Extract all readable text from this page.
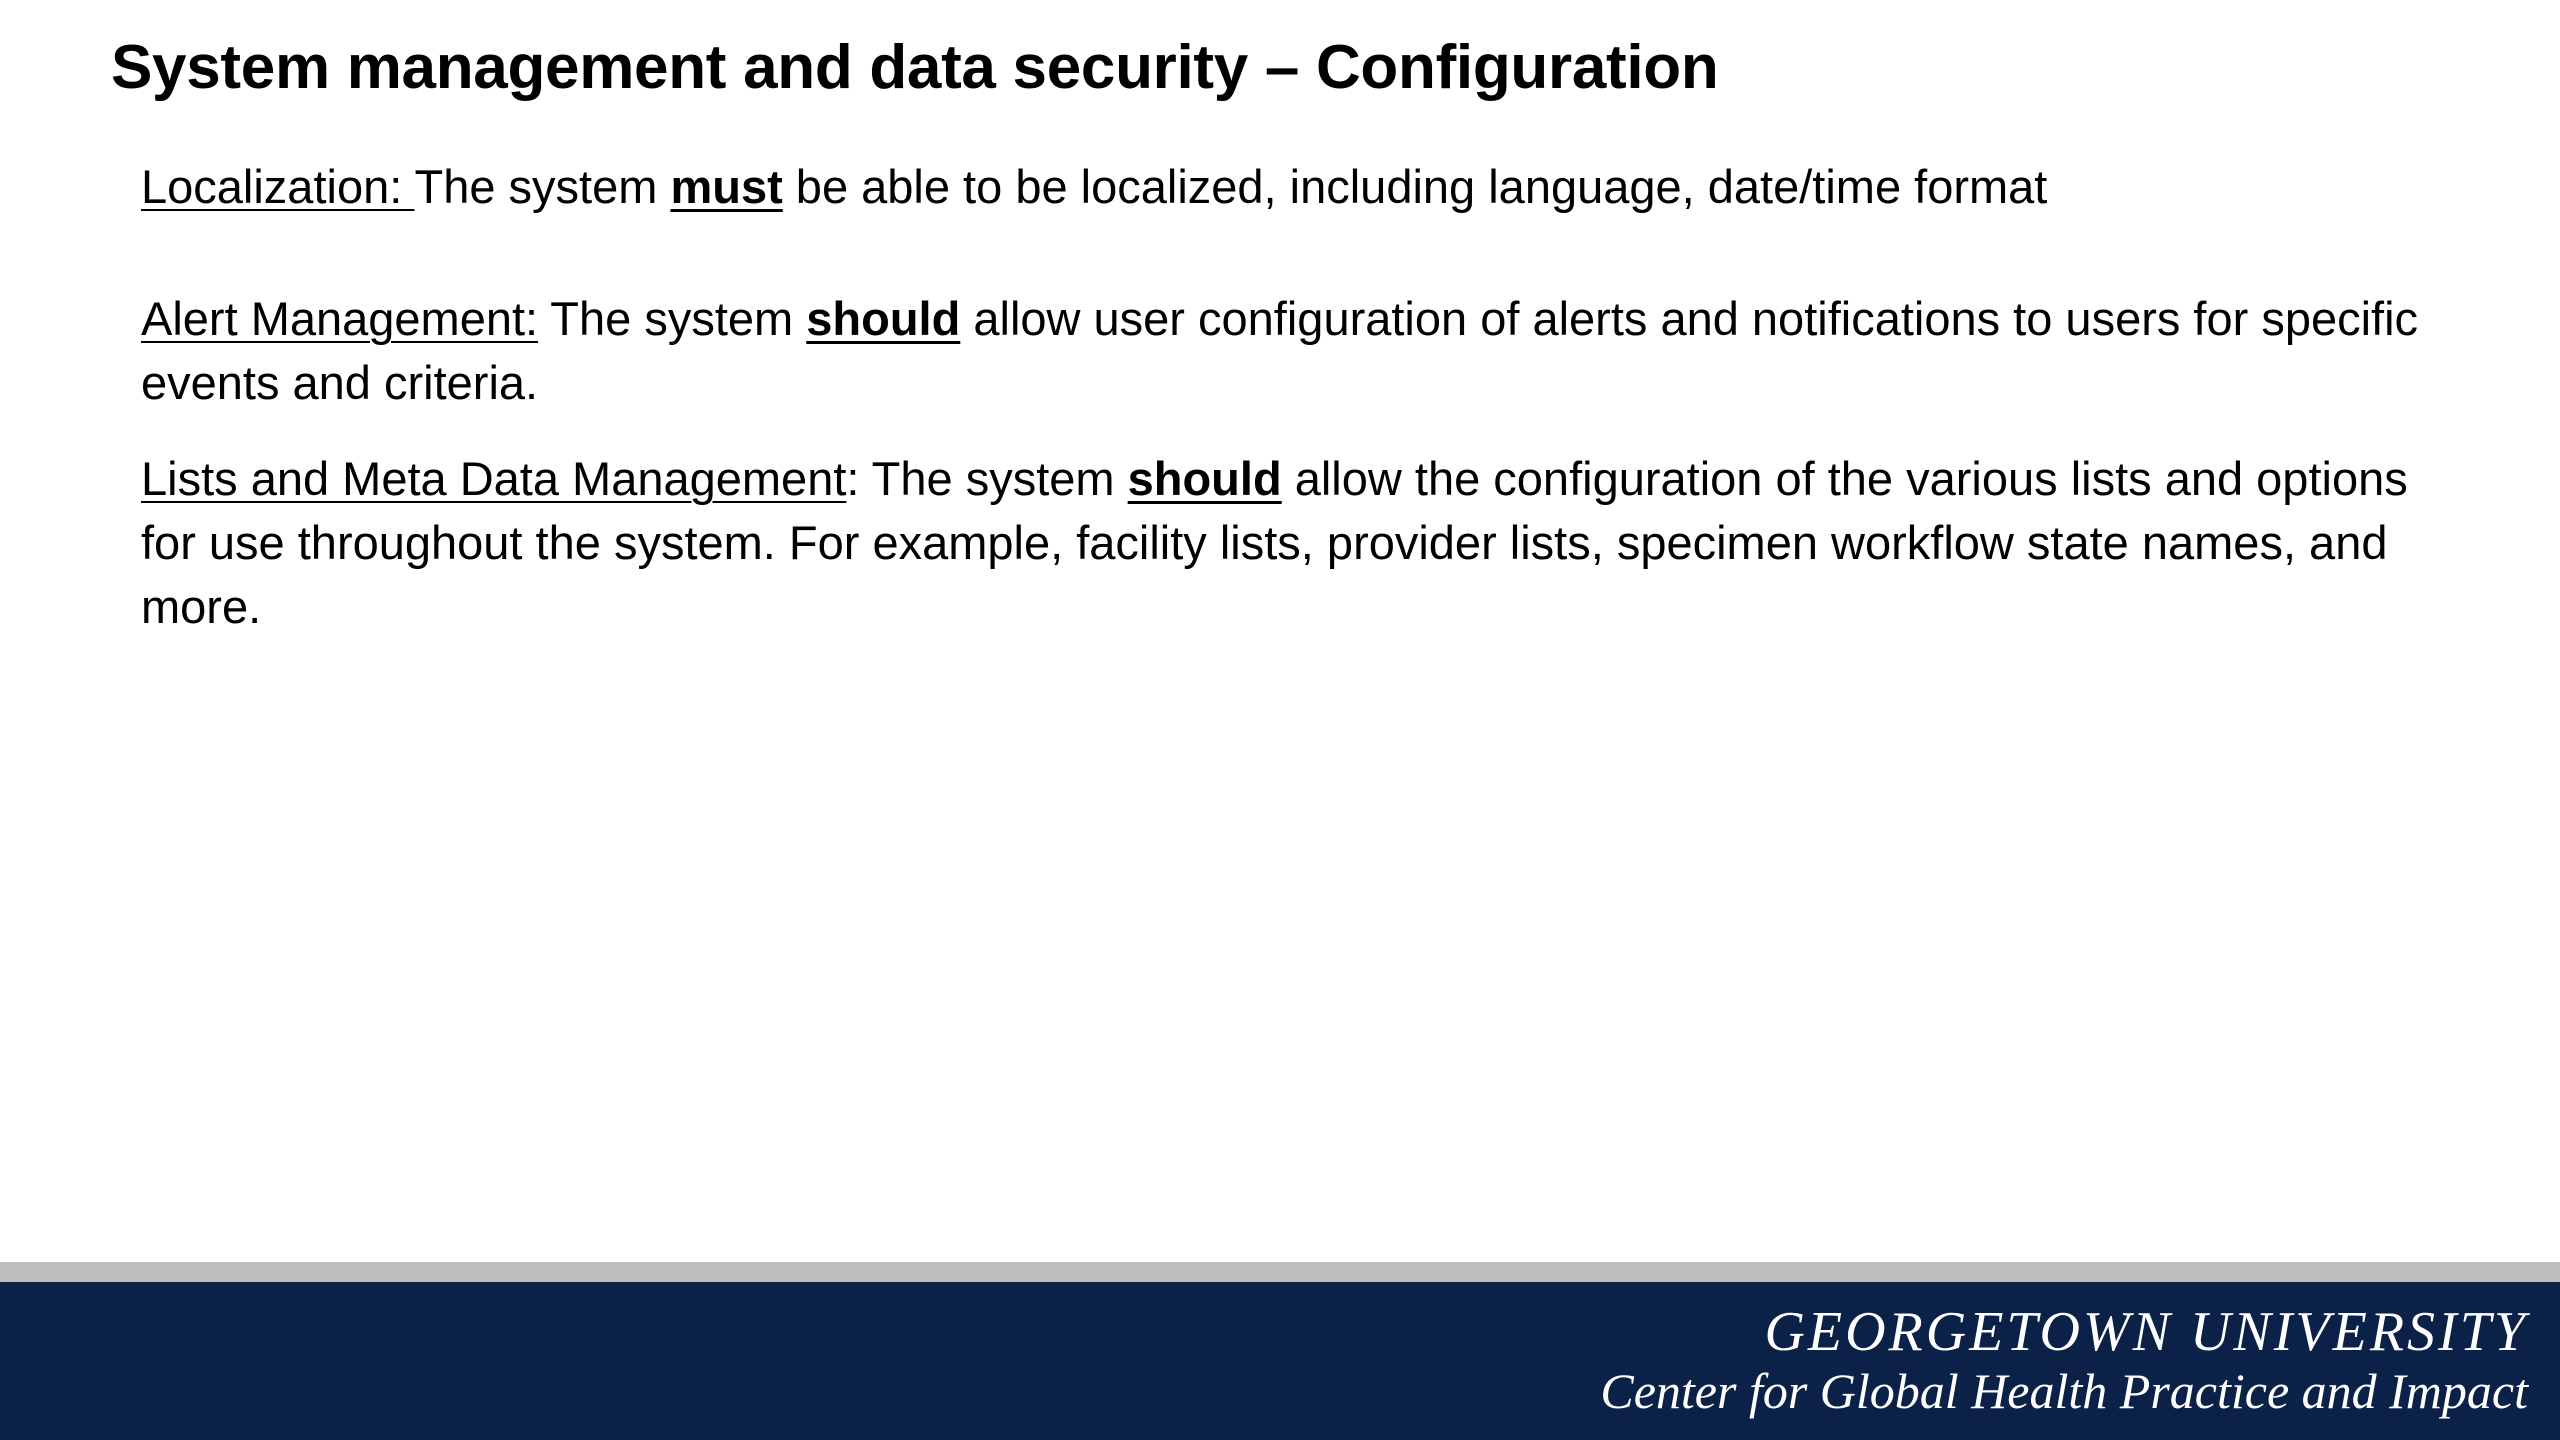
System management and data security – Configuration

Localization: The system must be able to be localized, including language, date/time format

Alert Management: The system should allow user configuration of alerts and notifications to users for specific events and criteria.

Lists and Meta Data Management: The system should allow the configuration of the various lists and options for use throughout the system. For example, facility lists, provider lists, specimen workflow state names, and more.

GEORGETOWN UNIVERSITY
Center for Global Health Practice and Impact
